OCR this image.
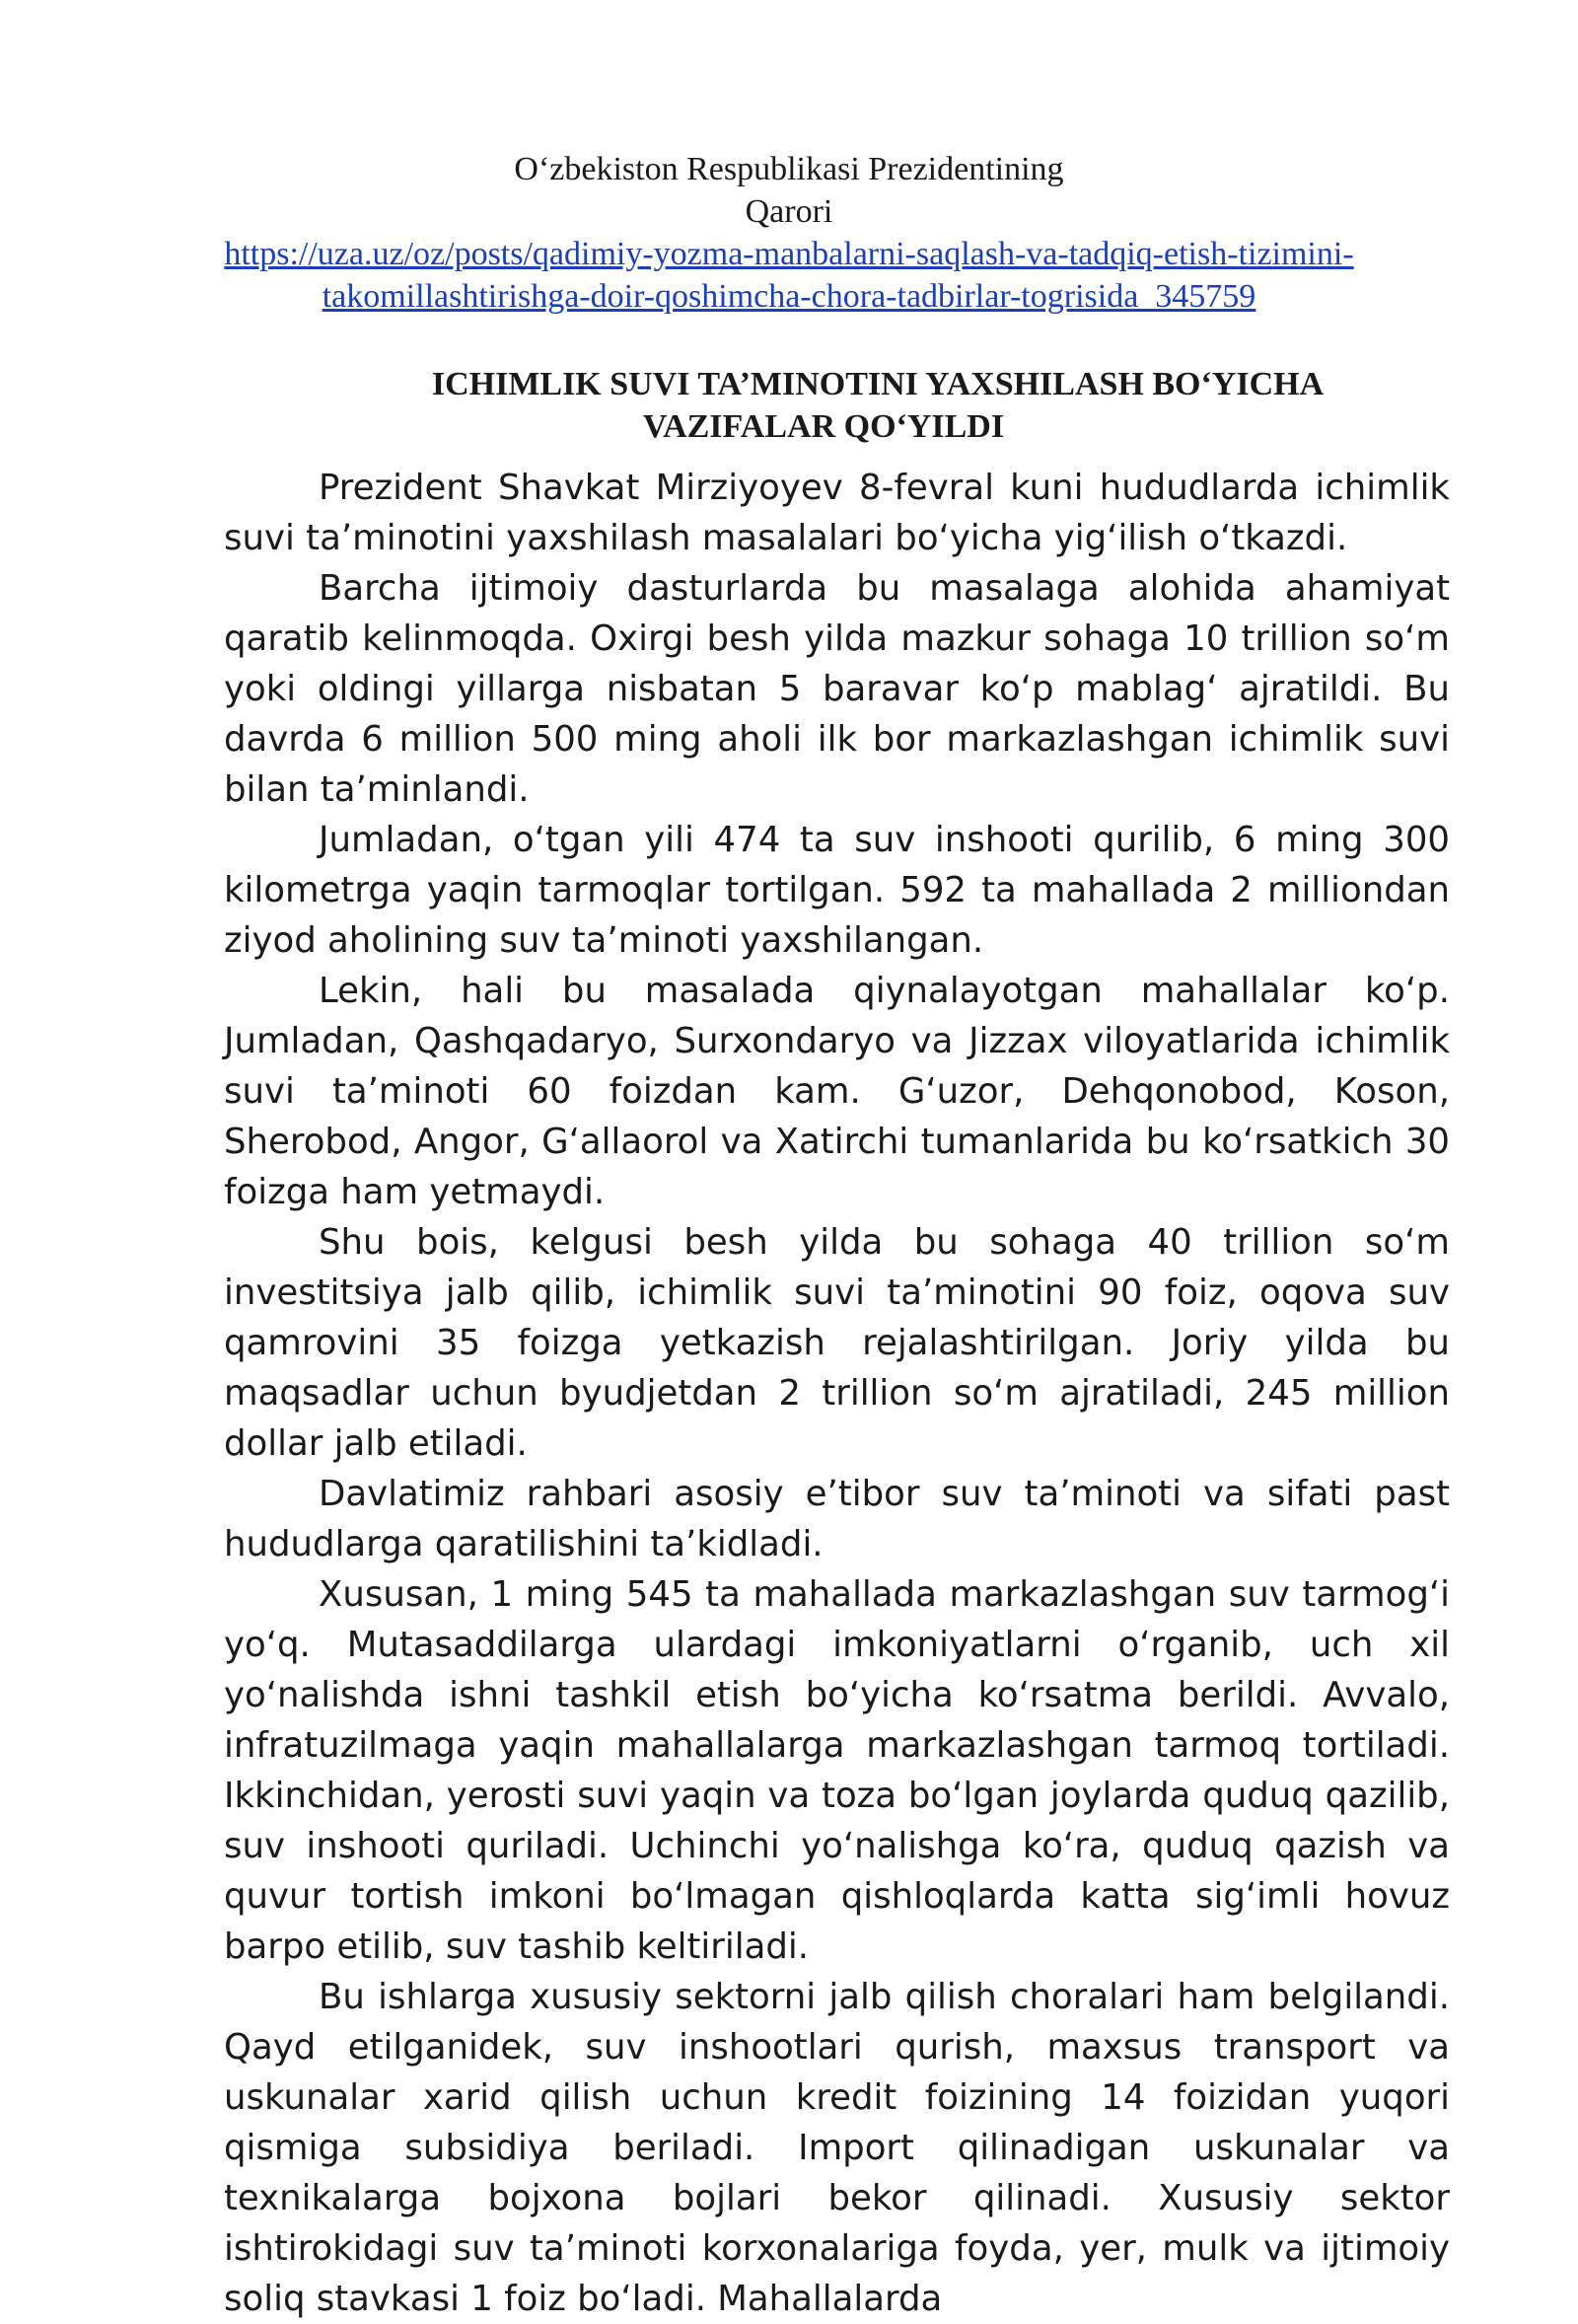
Oʻzbekiston Respublikasi Prezidentining
Qarori
https://uza.uz/oz/posts/qadimiy-yozma-manbalarni-saqlash-va-tadqiq-etish-tizimini-
takomillashtirishga-doir-qoshimcha-chora-tadbirlar-togrisida_345759
ICHIMLIK SUVI TA’MINOTINI YAXSHILASH BOʻYICHA
VAZIFALAR QOʻYILDI

Prezident Shavkat Mirziyoyev 8-fevral kuni hududlarda ichimlik suvi ta’minotini yaxshilash masalalari boʻyicha yigʻilish oʻtkazdi.

Barcha ijtimoiy dasturlarda bu masalaga alohida ahamiyat qaratib kelinmoqda. Oxirgi besh yilda mazkur sohaga 10 trillion soʻm yoki oldingi yillarga nisbatan 5 baravar koʻp mablagʻ ajratildi. Bu davrda 6 million 500 ming aholi ilk bor markazlashgan ichimlik suvi bilan ta’minlandi.

Jumladan, oʻtgan yili 474 ta suv inshooti qurilib, 6 ming 300 kilometrga yaqin tarmoqlar tortilgan. 592 ta mahallada 2 milliondan ziyod aholining suv ta’minoti yaxshilangan.

Lekin, hali bu masalada qiynalayotgan mahallalar koʻp. Jumladan, Qashqadaryo, Surxondaryo va Jizzax viloyatlarida ichimlik suvi ta’minoti 60 foizdan kam. Gʻuzor, Dehqonobod, Koson, Sherobod, Angor, Gʻallaorol va Xatirchi tumanlarida bu koʻrsatkich 30 foizga ham yetmaydi.

Shu bois, kelgusi besh yilda bu sohaga 40 trillion soʻm investitsiya jalb qilib, ichimlik suvi ta’minotini 90 foiz, oqova suv qamrovini 35 foizga yetkazish rejalashtirilgan. Joriy yilda bu maqsadlar uchun byudjetdan 2 trillion soʻm ajratiladi, 245 million dollar jalb etiladi.

Davlatimiz rahbari asosiy e’tibor suv ta’minoti va sifati past hududlarga qaratilishini ta’kidladi.

Xususan, 1 ming 545 ta mahallada markazlashgan suv tarmogʻi yoʻq. Mutasaddilarga ulardagi imkoniyatlarni oʻrganib, uch xil yoʻnalishda ishni tashkil etish boʻyicha koʻrsatma berildi. Avvalo, infratuzilmaga yaqin mahallalarga markazlashgan tarmoq tortiladi. Ikkinchidan, yerosti suvi yaqin va toza boʻlgan joylarda quduq qazilib, suv inshooti quriladi. Uchinchi yoʻnalishga koʻra, quduq qazish va quvur tortish imkoni boʻlmagan qishloqlarda katta sigʻimli hovuz barpo etilib, suv tashib keltiriladi.

Bu ishlarga xususiy sektorni jalb qilish choralari ham belgilandi. Qayd etilganidek, suv inshootlari qurish, maxsus transport va uskunalar xarid qilish uchun kredit foizining 14 foizidan yuqori qismiga subsidiya beriladi. Import qilinadigan uskunalar va texnikalarga bojxona bojlari bekor qilinadi. Xususiy sektor ishtirokidagi suv ta’minoti korxonalariga foyda, yer, mulk va ijtimoiy soliq stavkasi 1 foiz boʻladi. Mahallalarda
